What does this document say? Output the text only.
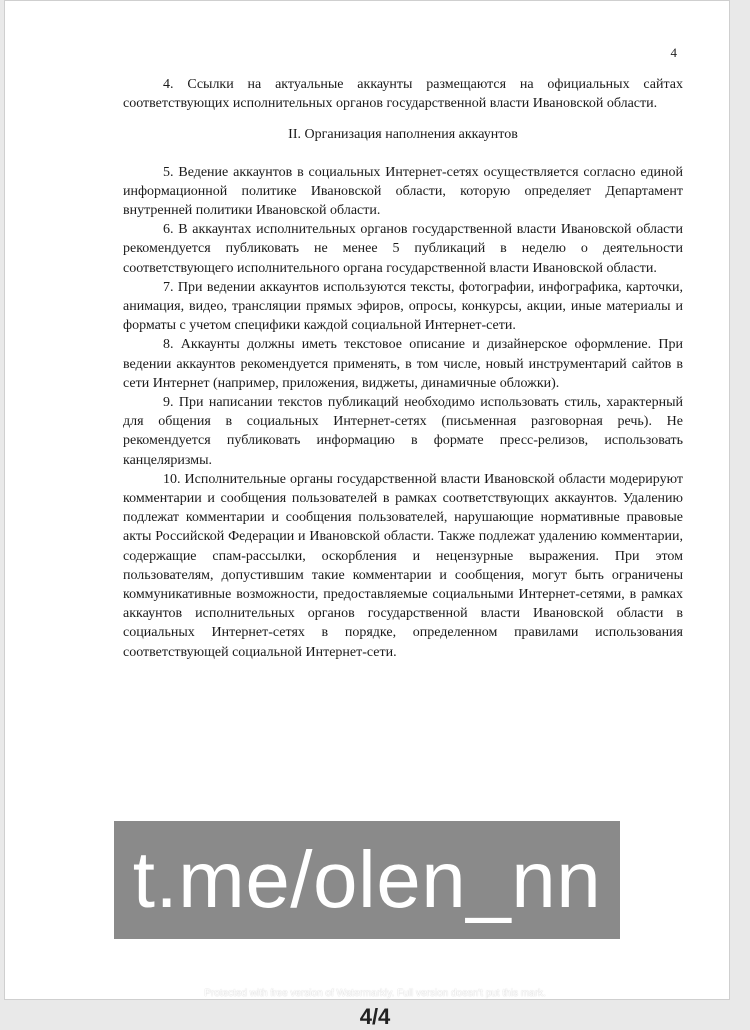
4

4. Ссылки на актуальные аккаунты размещаются на официальных сайтах соответствующих исполнительных органов государственной власти Ивановской области.

II. Организация наполнения аккаунтов

5. Ведение аккаунтов в социальных Интернет-сетях осуществляется согласно единой информационной политике Ивановской области, которую определяет Департамент внутренней политики Ивановской области.

6. В аккаунтах исполнительных органов государственной власти Ивановской области рекомендуется публиковать не менее 5 публикаций в неделю о деятельности соответствующего исполнительного органа государственной власти Ивановской области.

7. При ведении аккаунтов используются тексты, фотографии, инфографика, карточки, анимация, видео, трансляции прямых эфиров, опросы, конкурсы, акции, иные материалы и форматы с учетом специфики каждой социальной Интернет-сети.

8. Аккаунты должны иметь текстовое описание и дизайнерское оформление. При ведении аккаунтов рекомендуется применять, в том числе, новый инструментарий сайтов в сети Интернет (например, приложения, виджеты, динамичные обложки).

9. При написании текстов публикаций необходимо использовать стиль, характерный для общения в социальных Интернет-сетях (письменная разговорная речь). Не рекомендуется публиковать информацию в формате пресс-релизов, использовать канцеляризмы.

10. Исполнительные органы государственной власти Ивановской области модерируют комментарии и сообщения пользователей в рамках соответствующих аккаунтов. Удалению подлежат комментарии и сообщения пользователей, нарушающие нормативные правовые акты Российской Федерации и Ивановской области. Также подлежат удалению комментарии, содержащие спам-рассылки, оскорбления и нецензурные выражения. При этом пользователям, допустившим такие комментарии и сообщения, могут быть ограничены коммуникативные возможности, предоставляемые социальными Интернет-сетями, в рамках аккаунтов исполнительных органов государственной власти Ивановской области в социальных Интернет-сетях в порядке, определенном правилами использования соответствующей социальной Интернет-сети.

t.me/olen_nn
Protected with free version of Watermarkly. Full version doesn't put this mark.
4/4
